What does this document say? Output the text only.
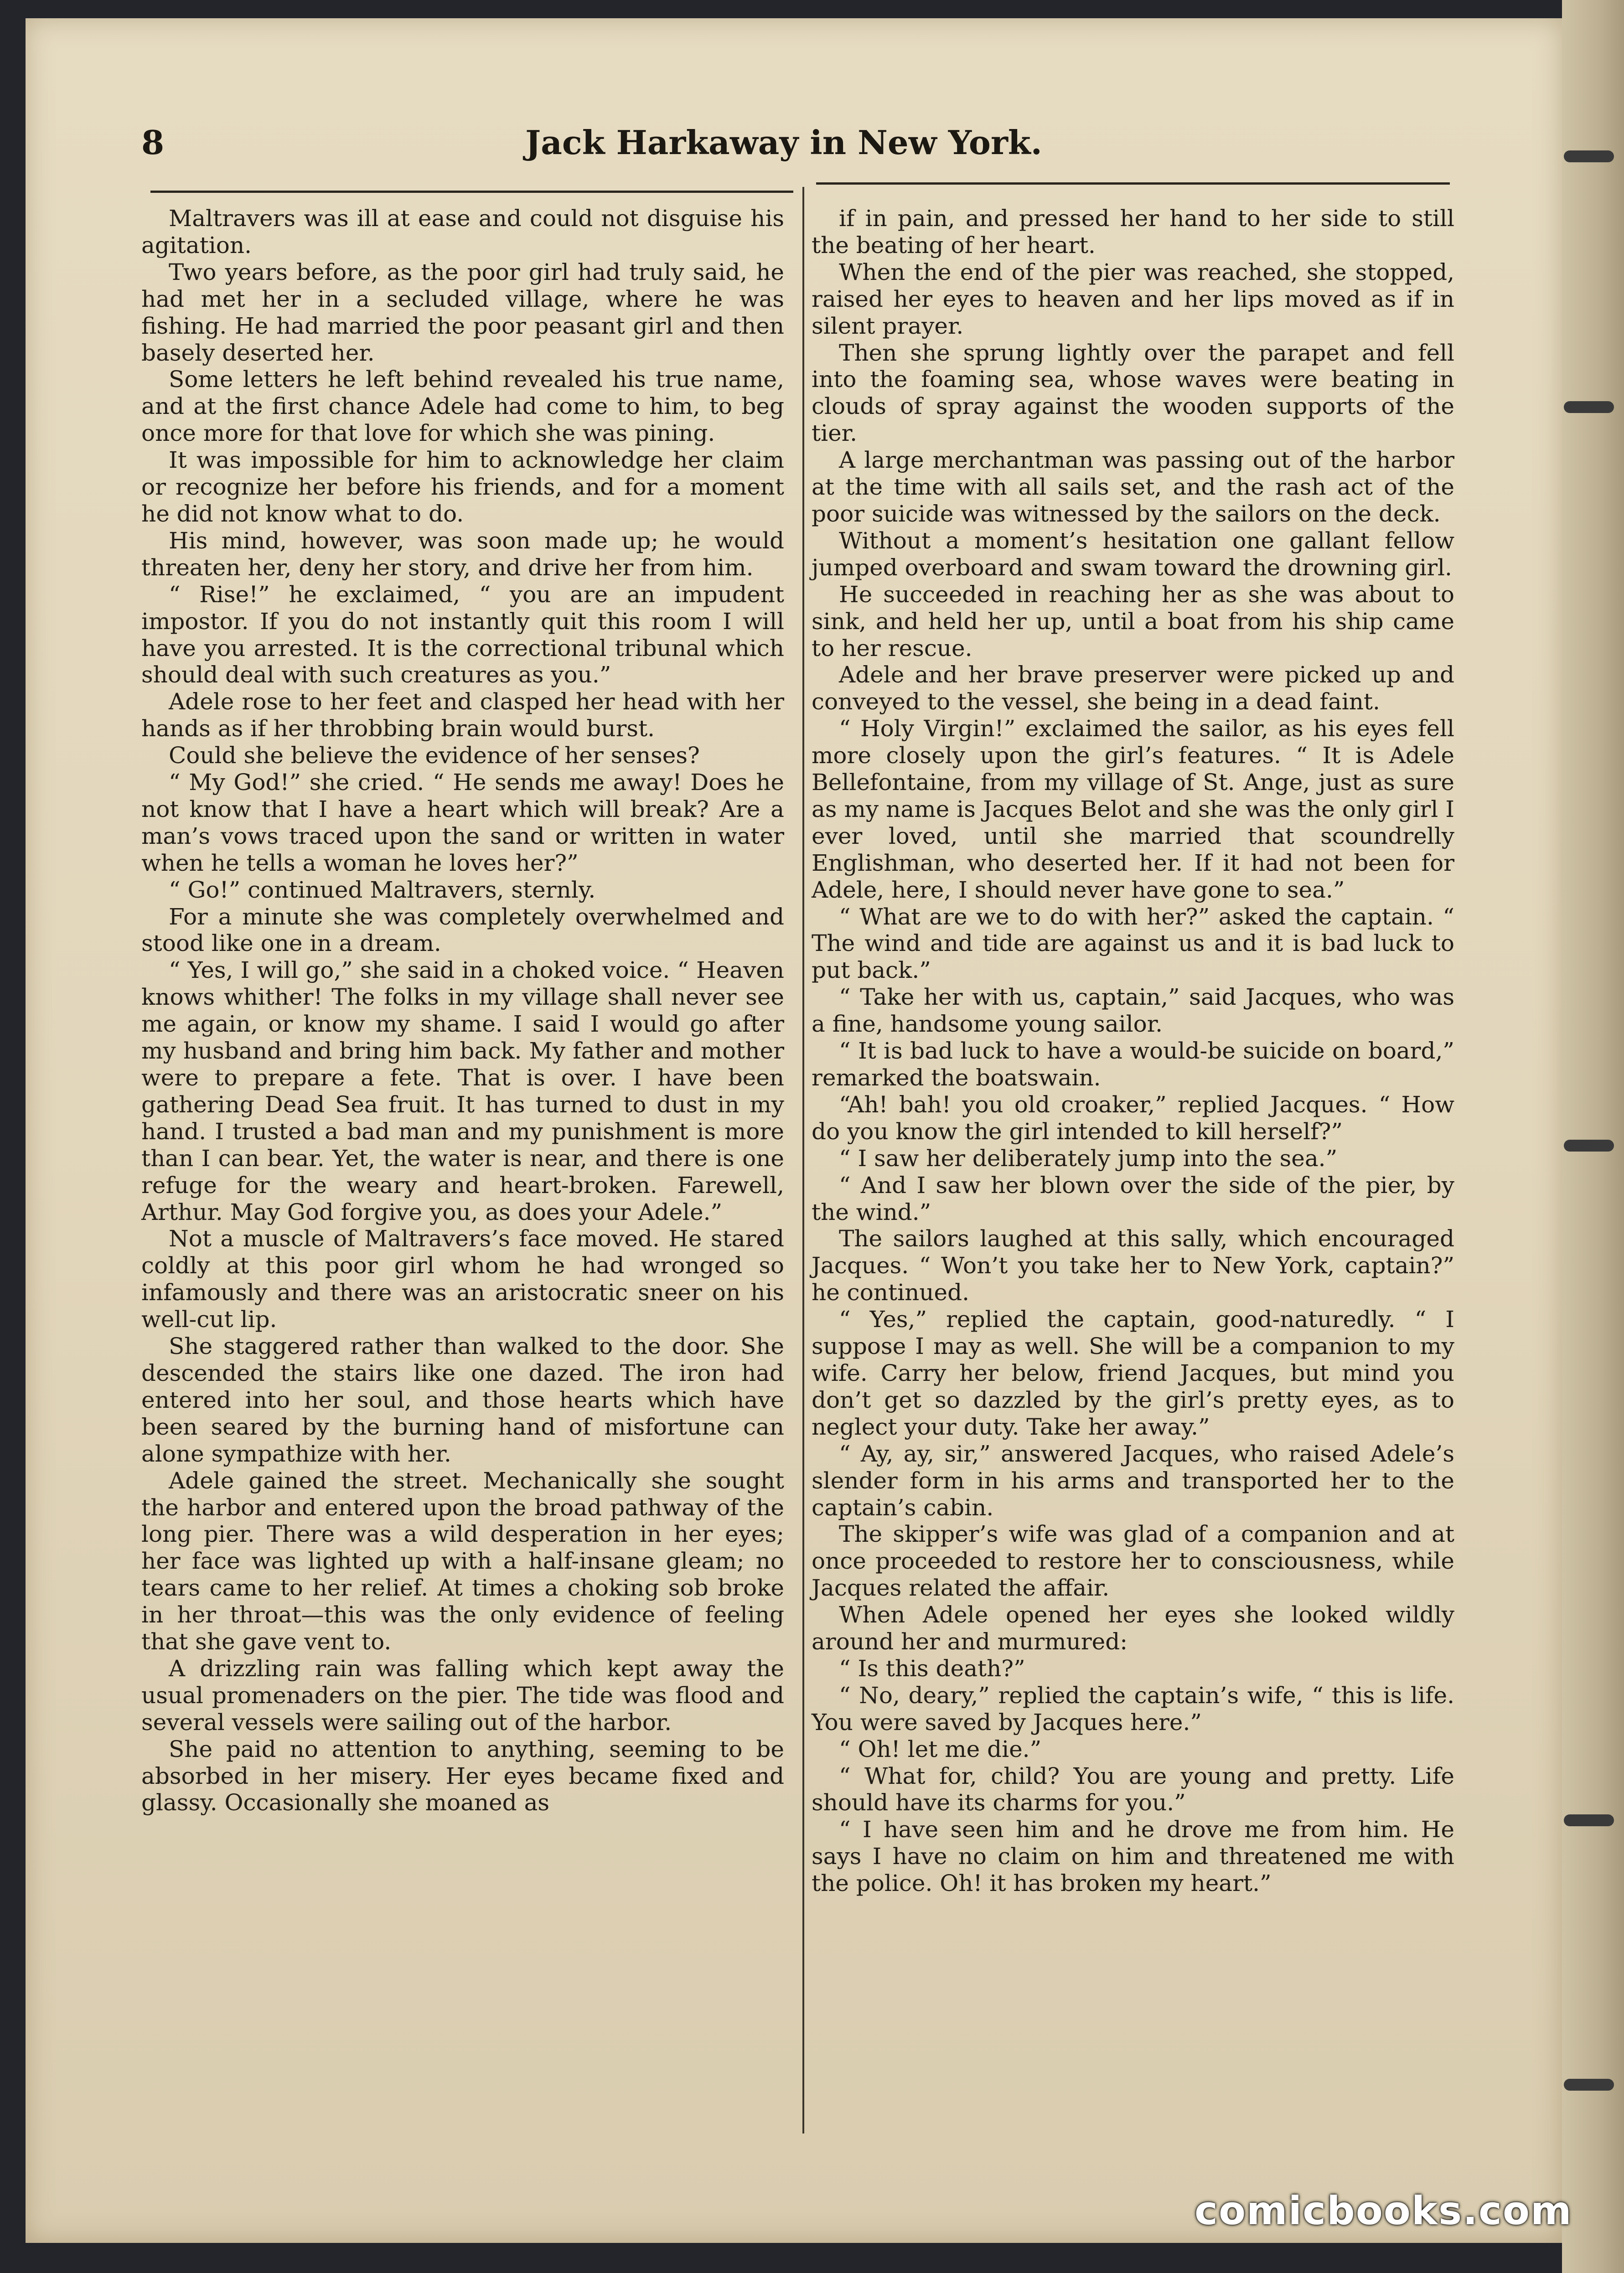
8	Jack Harkaway in New York.

Maltravers was ill at ease and could not disguise his agitation.

Two years before, as the poor girl had truly said, he had met her in a secluded village, where he was fishing. He had married the poor peasant girl and then basely deserted her.

Some letters he left behind revealed his true name, and at the first chance Adele had come to him, to beg once more for that love for which she was pining.

It was impossible for him to acknowledge her claim or recognize her before his friends, and for a moment he did not know what to do.

His mind, however, was soon made up; he would threaten her, deny her story, and drive her from him.

“ Rise!” he exclaimed, “ you are an impudent impostor. If you do not instantly quit this room I will have you arrested. It is the correctional tribunal which should deal with such creatures as you.”

Adele rose to her feet and clasped her head with her hands as if her throbbing brain would burst.

Could she believe the evidence of her senses?

“ My God!” she cried. “ He sends me away! Does he not know that I have a heart which will break? Are a man’s vows traced upon the sand or written in water when he tells a woman he loves her?”

“ Go!” continued Maltravers, sternly.

For a minute she was completely overwhelmed and stood like one in a dream.

“ Yes, I will go,” she said in a choked voice. “ Heaven knows whither! The folks in my village shall never see me again, or know my shame. I said I would go after my husband and bring him back. My father and mother were to prepare a fete. That is over. I have been gathering Dead Sea fruit. It has turned to dust in my hand. I trusted a bad man and my punishment is more than I can bear. Yet, the water is near, and there is one refuge for the weary and heart-broken. Farewell, Arthur. May God forgive you, as does your Adele.”

Not a muscle of Maltravers’s face moved. He stared coldly at this poor girl whom he had wronged so infamously and there was an aristocratic sneer on his well-cut lip.

She staggered rather than walked to the door. She descended the stairs like one dazed. The iron had entered into her soul, and those hearts which have been seared by the burning hand of misfortune can alone sympathize with her.

Adele gained the street. Mechanically she sought the harbor and entered upon the broad pathway of the long pier. There was a wild desperation in her eyes; her face was lighted up with a half-insane gleam; no tears came to her relief. At times a choking sob broke in her throat—this was the only evidence of feeling that she gave vent to.

A drizzling rain was falling which kept away the usual promenaders on the pier. The tide was flood and several vessels were sailing out of the harbor.

She paid no attention to anything, seeming to be absorbed in her misery. Her eyes became fixed and glassy. Occasionally she moaned as

if in pain, and pressed her hand to her side to still the beating of her heart.

When the end of the pier was reached, she stopped, raised her eyes to heaven and her lips moved as if in silent prayer.

Then she sprung lightly over the parapet and fell into the foaming sea, whose waves were beating in clouds of spray against the wooden supports of the tier.

A large merchantman was passing out of the harbor at the time with all sails set, and the rash act of the poor suicide was witnessed by the sailors on the deck.

Without a moment’s hesitation one gallant fellow jumped overboard and swam toward the drowning girl.

He succeeded in reaching her as she was about to sink, and held her up, until a boat from his ship came to her rescue.

Adele and her brave preserver were picked up and conveyed to the vessel, she being in a dead faint.

“ Holy Virgin!” exclaimed the sailor, as his eyes fell more closely upon the girl’s features. “ It is Adele Bellefontaine, from my village of St. Ange, just as sure as my name is Jacques Belot and she was the only girl I ever loved, until she married that scoundrelly Englishman, who deserted her. If it had not been for Adele, here, I should never have gone to sea.”

“ What are we to do with her?” asked the captain. “ The wind and tide are against us and it is bad luck to put back.”

“ Take her with us, captain,” said Jacques, who was a fine, handsome young sailor.

“ It is bad luck to have a would-be suicide on board,” remarked the boatswain.

“Ah! bah! you old croaker,” replied Jacques. “ How do you know the girl intended to kill herself?”

“ I saw her deliberately jump into the sea.”

“ And I saw her blown over the side of the pier, by the wind.”

The sailors laughed at this sally, which encouraged Jacques. “ Won’t you take her to New York, captain?” he continued.

“ Yes,” replied the captain, good-naturedly. “ I suppose I may as well. She will be a companion to my wife. Carry her below, friend Jacques, but mind you don’t get so dazzled by the girl’s pretty eyes, as to neglect your duty. Take her away.”

“ Ay, ay, sir,” answered Jacques, who raised Adele’s slender form in his arms and transported her to the captain’s cabin.

The skipper’s wife was glad of a companion and at once proceeded to restore her to consciousness, while Jacques related the affair.

When Adele opened her eyes she looked wildly around her and murmured:

“ Is this death?”

“ No, deary,” replied the captain’s wife, “ this is life. You were saved by Jacques here.”

“ Oh! let me die.”

“ What for, child? You are young and pretty. Life should have its charms for you.”

“ I have seen him and he drove me from him. He says I have no claim on him and threatened me with the police. Oh! it has broken my heart.”

comicbooks.com
